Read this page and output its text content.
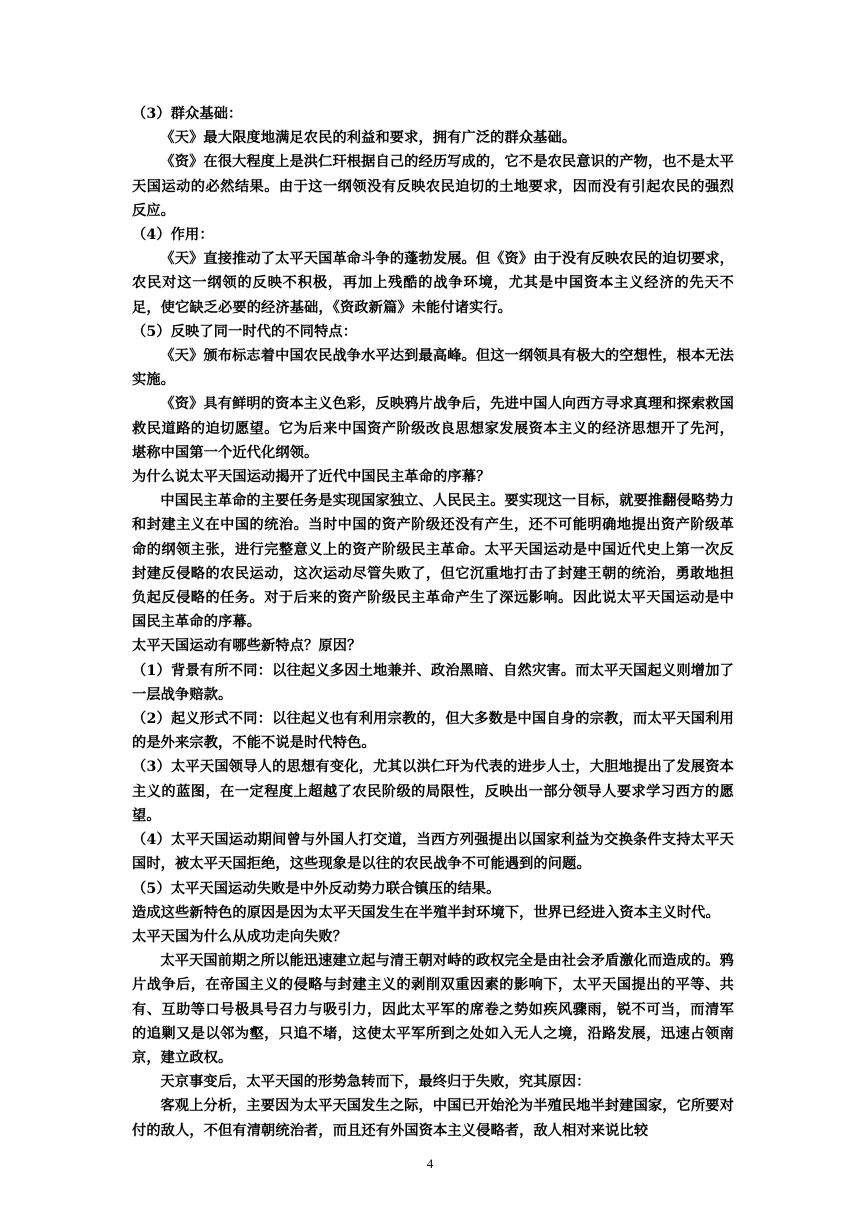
（3）群众基础：

《天》最大限度地满足农民的利益和要求，拥有广泛的群众基础。

《资》在很大程度上是洪仁玕根据自己的经历写成的，它不是农民意识的产物，也不是太平天国运动的必然结果。由于这一纲领没有反映农民迫切的土地要求，因而没有引起农民的强烈反应。

（4）作用：

《天》直接推动了太平天国革命斗争的蓬勃发展。但《资》由于没有反映农民的迫切要求，农民对这一纲领的反映不积极，再加上残酷的战争环境，尤其是中国资本主义经济的先天不足，使它缺乏必要的经济基础，《资政新篇》未能付诸实行。

（5）反映了同一时代的不同特点：

《天》颁布标志着中国农民战争水平达到最高峰。但这一纲领具有极大的空想性，根本无法实施。

《资》具有鲜明的资本主义色彩，反映鸦片战争后，先进中国人向西方寻求真理和探索救国救民道路的迫切愿望。它为后来中国资产阶级改良思想家发展资本主义的经济思想开了先河，堪称中国第一个近代化纲领。

为什么说太平天国运动揭开了近代中国民主革命的序幕？

中国民主革命的主要任务是实现国家独立、人民民主。要实现这一目标，就要推翻侵略势力和封建主义在中国的统治。当时中国的资产阶级还没有产生，还不可能明确地提出资产阶级革命的纲领主张，进行完整意义上的资产阶级民主革命。太平天国运动是中国近代史上第一次反封建反侵略的农民运动，这次运动尽管失败了，但它沉重地打击了封建王朝的统治，勇敢地担负起反侵略的任务。对于后来的资产阶级民主革命产生了深远影响。因此说太平天国运动是中国民主革命的序幕。

太平天国运动有哪些新特点？原因？

（1）背景有所不同：以往起义多因土地兼并、政治黑暗、自然灾害。而太平天国起义则增加了一层战争赔款。

（2）起义形式不同：以往起义也有利用宗教的，但大多数是中国自身的宗教，而太平天国利用的是外来宗教，不能不说是时代特色。

（3）太平天国领导人的思想有变化，尤其以洪仁玕为代表的进步人士，大胆地提出了发展资本主义的蓝图，在一定程度上超越了农民阶级的局限性，反映出一部分领导人要求学习西方的愿望。

（4）太平天国运动期间曾与外国人打交道，当西方列强提出以国家利益为交换条件支持太平天国时，被太平天国拒绝，这些现象是以往的农民战争不可能遇到的问题。

（5）太平天国运动失败是中外反动势力联合镇压的结果。

造成这些新特色的原因是因为太平天国发生在半殖半封环境下，世界已经进入资本主义时代。

太平天国为什么从成功走向失败？

太平天国前期之所以能迅速建立起与清王朝对峙的政权完全是由社会矛盾激化而造成的。鸦片战争后，在帝国主义的侵略与封建主义的剥削双重因素的影响下，太平天国提出的平等、共有、互助等口号极具号召力与吸引力，因此太平军的席卷之势如疾风骤雨，锐不可当，而清军的追剿又是以邻为壑，只追不堵，这使太平军所到之处如入无人之境，沿路发展，迅速占领南京，建立政权。

天京事变后，太平天国的形势急转而下，最终归于失败，究其原因：

客观上分析，主要因为太平天国发生之际，中国已开始沦为半殖民地半封建国家，它所要对付的敌人，不但有清朝统治者，而且还有外国资本主义侵略者，敌人相对来说比较

4
